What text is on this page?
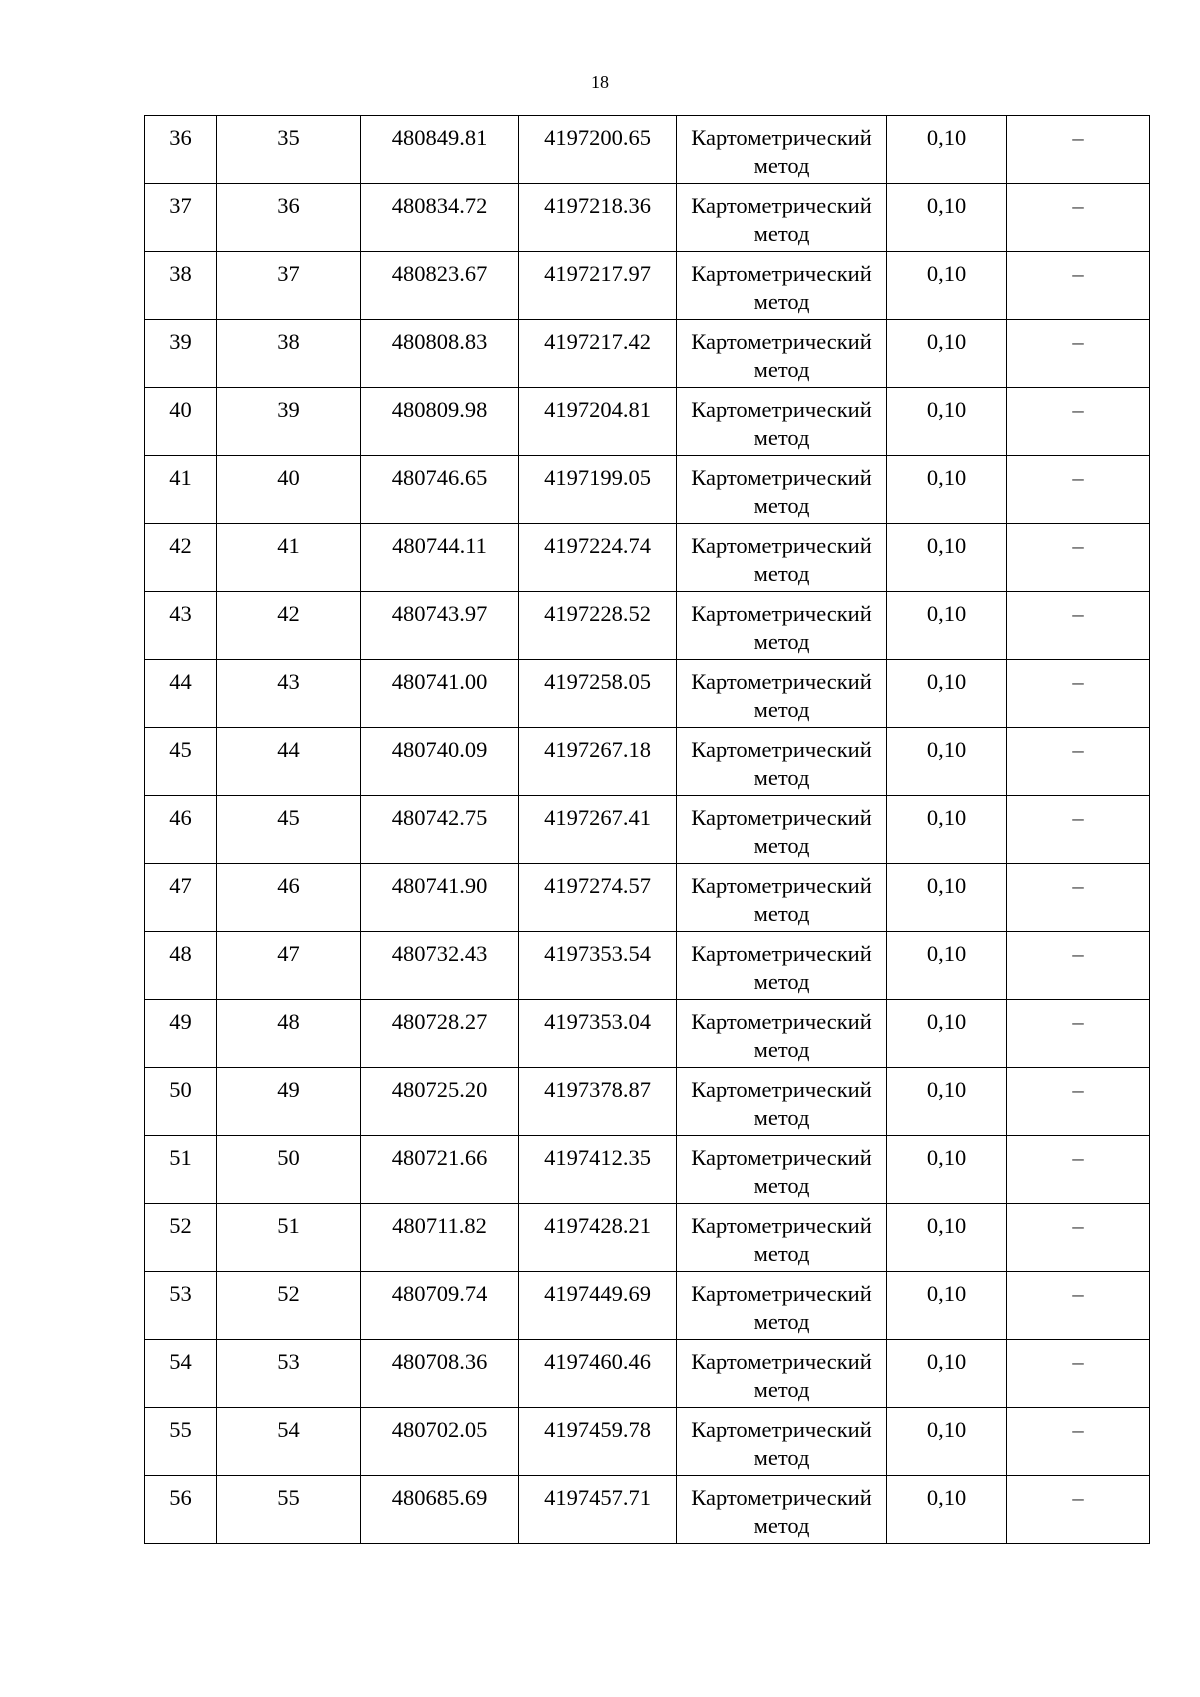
18
36	35	480849.81	4197200.65	Картометрический метод	0,10	–

37	36	480834.72	4197218.36	Картометрический метод	0,10	–

38	37	480823.67	4197217.97	Картометрический метод	0,10	–

39	38	480808.83	4197217.42	Картометрический метод	0,10	–

40	39	480809.98	4197204.81	Картометрический метод	0,10	–

41	40	480746.65	4197199.05	Картометрический метод	0,10	–

42	41	480744.11	4197224.74	Картометрический метод	0,10	–

43	42	480743.97	4197228.52	Картометрический метод	0,10	–

44	43	480741.00	4197258.05	Картометрический метод	0,10	–

45	44	480740.09	4197267.18	Картометрический метод	0,10	–

46	45	480742.75	4197267.41	Картометрический метод	0,10	–

47	46	480741.90	4197274.57	Картометрический метод	0,10	–

48	47	480732.43	4197353.54	Картометрический метод	0,10	–

49	48	480728.27	4197353.04	Картометрический метод	0,10	–

50	49	480725.20	4197378.87	Картометрический метод	0,10	–

51	50	480721.66	4197412.35	Картометрический метод	0,10	–

52	51	480711.82	4197428.21	Картометрический метод	0,10	–

53	52	480709.74	4197449.69	Картометрический метод	0,10	–

54	53	480708.36	4197460.46	Картометрический метод	0,10	–

55	54	480702.05	4197459.78	Картометрический метод	0,10	–

56	55	480685.69	4197457.71	Картометрический метод	0,10	–
